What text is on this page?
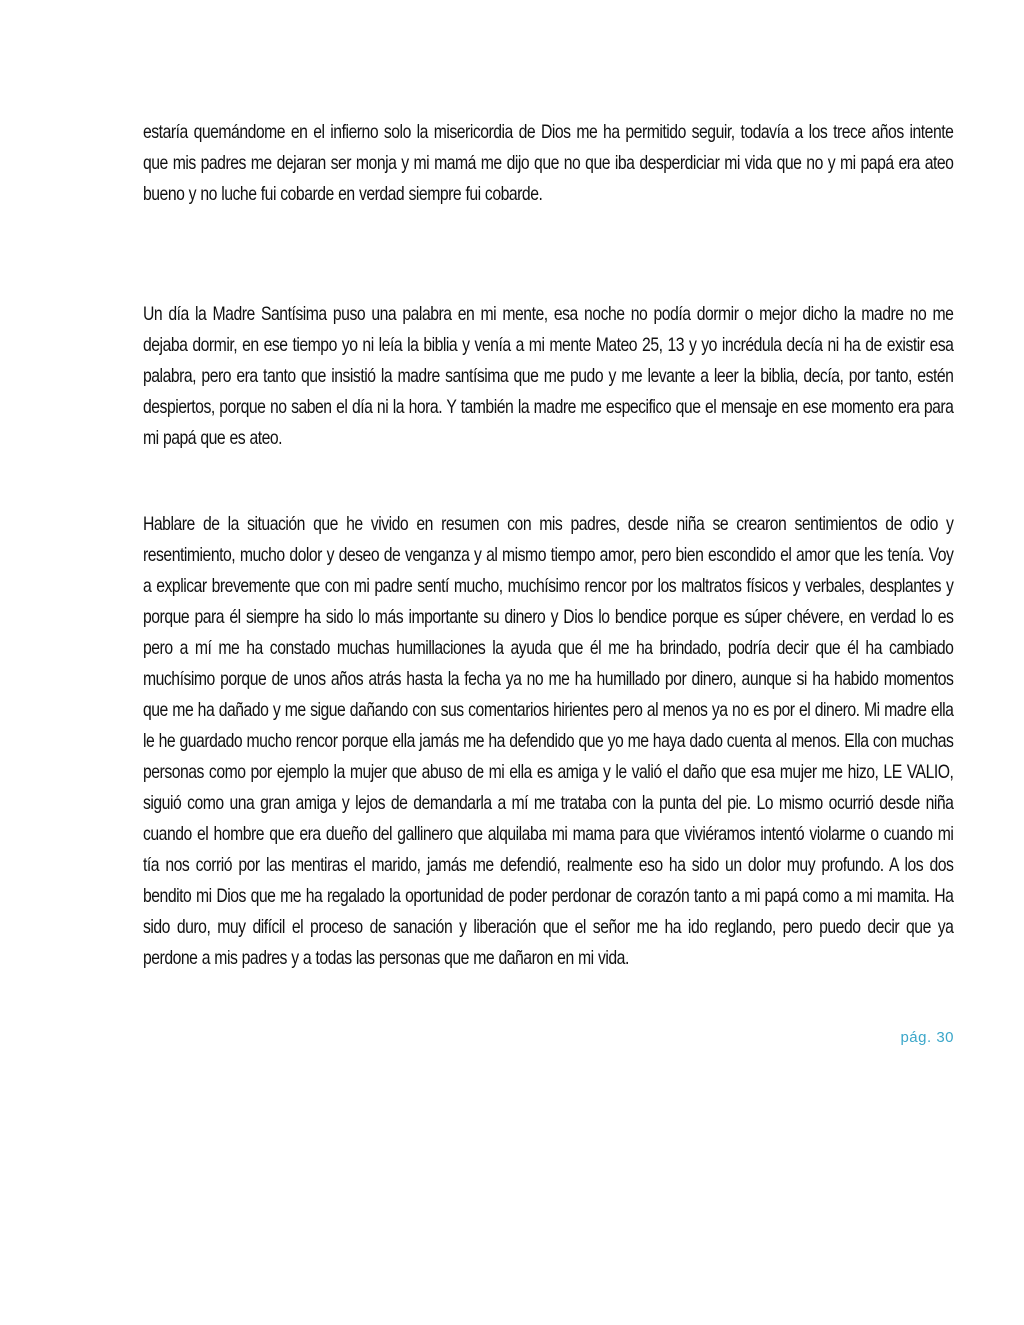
estaría quemándome en el infierno solo la misericordia de Dios me ha permitido seguir, todavía a los trece años intente que mis padres me dejaran ser monja y mi mamá me dijo que no que iba desperdiciar mi vida que no y mi papá era ateo bueno y no luche fui cobarde en verdad siempre fui cobarde.

Un día la Madre Santísima puso una palabra en mi mente, esa noche no podía dormir o mejor dicho la madre no me dejaba dormir, en ese tiempo yo ni leía la biblia y venía a mi mente Mateo 25, 13 y yo incrédula decía ni ha de existir esa palabra, pero era tanto que insistió la madre santísima que me pudo y me levante a leer la biblia, decía, por tanto, estén despiertos, porque no saben el día ni la hora. Y también la madre me especifico que el mensaje en ese momento era para mi papá que es ateo.

Hablare de la situación que he vivido en resumen con mis padres, desde niña se crearon sentimientos de odio y resentimiento, mucho dolor y deseo de venganza y al mismo tiempo amor, pero bien escondido el amor que les tenía. Voy a explicar brevemente que con mi padre sentí mucho, muchísimo rencor por los maltratos físicos y verbales, desplantes y porque para él siempre ha sido lo más importante su dinero y Dios lo bendice porque es súper chévere, en verdad lo es pero a mí me ha constado muchas humillaciones la ayuda que él me ha brindado, podría decir que él ha cambiado muchísimo porque de unos años atrás hasta la fecha ya no me ha humillado por dinero, aunque si ha habido momentos que me ha dañado y me sigue dañando con sus comentarios hirientes pero al menos ya no es por el dinero. Mi madre ella le he guardado mucho rencor porque ella jamás me ha defendido que yo me haya dado cuenta al menos. Ella con muchas personas como por ejemplo la mujer que abuso de mi ella es amiga y le valió el daño que esa mujer me hizo, LE VALIO, siguió como una gran amiga y lejos de demandarla a mí me trataba con la punta del pie. Lo mismo ocurrió desde niña cuando el hombre que era dueño del gallinero que alquilaba mi mama para que viviéramos intentó violarme o cuando mi tía nos corrió por las mentiras el marido, jamás me defendió, realmente eso ha sido un dolor muy profundo. A los dos bendito mi Dios que me ha regalado la oportunidad de poder perdonar de corazón tanto a mi papá como a mi mamita. Ha sido duro, muy difícil el proceso de sanación y liberación que el señor me ha ido reglando, pero puedo decir que ya perdone a mis padres y a todas las personas que me dañaron en mi vida.

pág. 30
